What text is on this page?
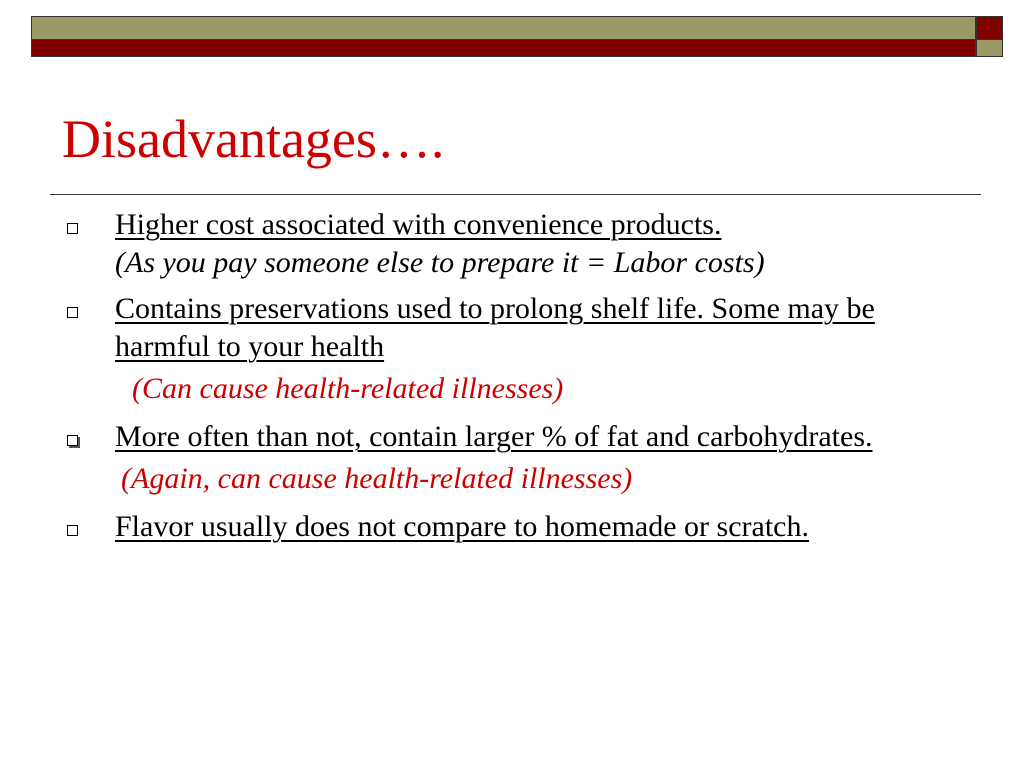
Disadvantages….
Higher cost associated with convenience products.
(As you pay someone else to prepare it = Labor costs)
Contains preservations used to prolong shelf life. Some may be harmful to your health
(Can cause health-related illnesses)
More often than not, contain larger % of fat and carbohydrates.
(Again, can cause health-related illnesses)
Flavor usually does not compare to homemade or scratch.
